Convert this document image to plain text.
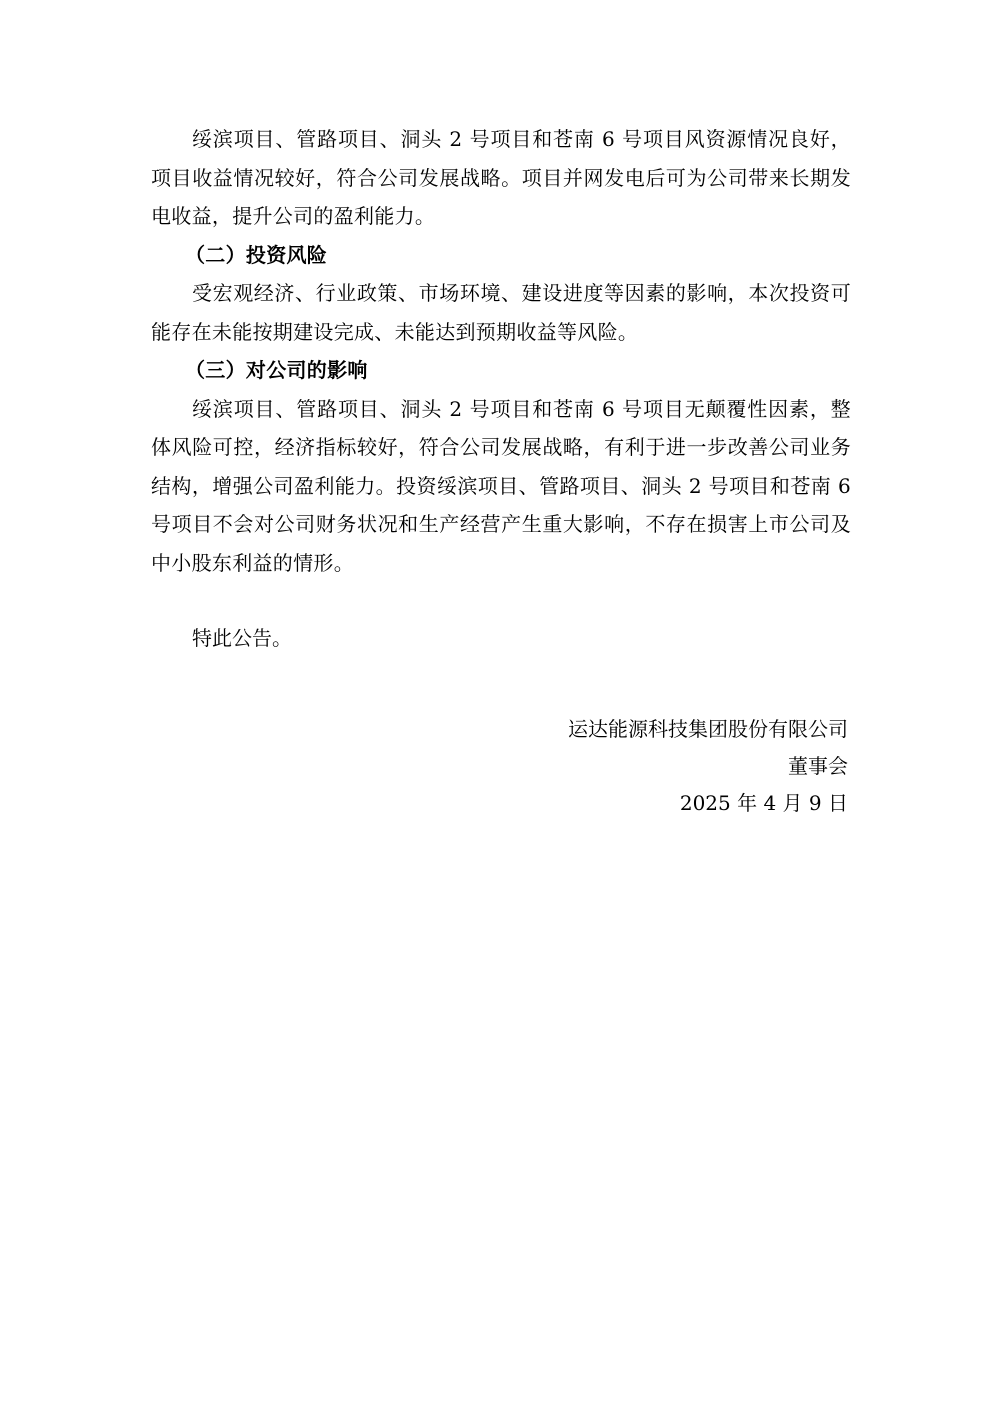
绥滨项目、管路项目、洞头 2 号项目和苍南 6 号项目风资源情况良好，项目收益情况较好，符合公司发展战略。项目并网发电后可为公司带来长期发电收益，提升公司的盈利能力。

（二）投资风险

受宏观经济、行业政策、市场环境、建设进度等因素的影响，本次投资可能存在未能按期建设完成、未能达到预期收益等风险。

（三）对公司的影响

绥滨项目、管路项目、洞头 2 号项目和苍南 6 号项目无颠覆性因素，整体风险可控，经济指标较好，符合公司发展战略，有利于进一步改善公司业务结构，增强公司盈利能力。投资绥滨项目、管路项目、洞头 2 号项目和苍南 6 号项目不会对公司财务状况和生产经营产生重大影响，不存在损害上市公司及中小股东利益的情形。

特此公告。

运达能源科技集团股份有限公司
董事会
2025 年 4 月 9 日
